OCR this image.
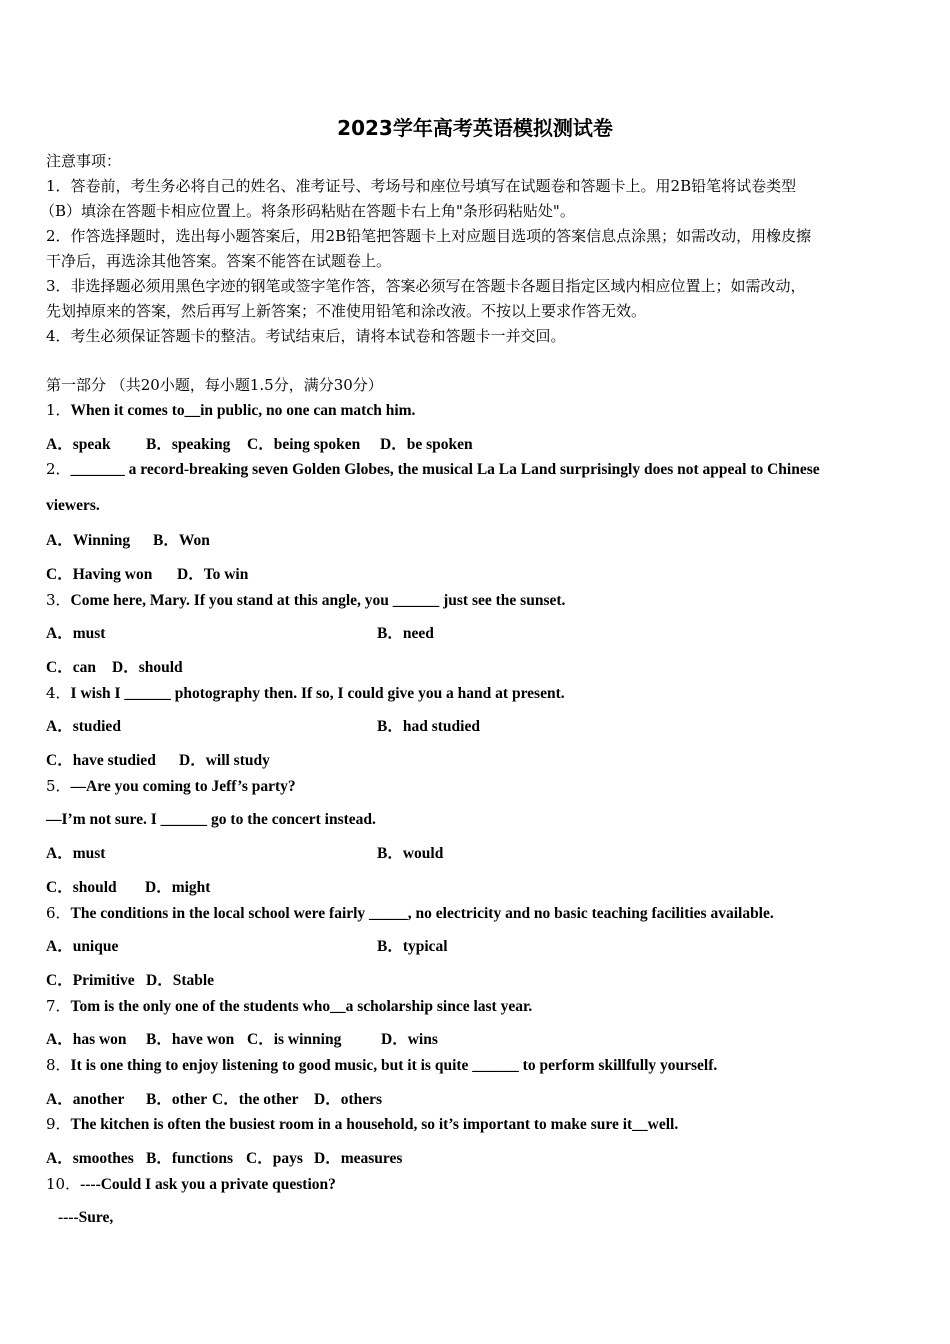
2023学年高考英语模拟测试卷
注意事项：
1．答卷前，考生务必将自己的姓名、准考证号、考场号和座位号填写在试题卷和答题卡上。用2B铅笔将试卷类型
（B）填涂在答题卡相应位置上。将条形码粘贴在答题卡右上角"条形码粘贴处"。
2．作答选择题时，选出每小题答案后，用2B铅笔把答题卡上对应题目选项的答案信息点涂黑；如需改动，用橡皮擦
干净后，再选涂其他答案。答案不能答在试题卷上。
3．非选择题必须用黑色字迹的钢笔或签字笔作答，答案必须写在答题卡各题目指定区域内相应位置上；如需改动，
先划掉原来的答案，然后再写上新答案；不准使用铅笔和涂改液。不按以上要求作答无效。
4．考生必须保证答题卡的整洁。考试结束后，请将本试卷和答题卡一并交回。
第一部分 （共20小题，每小题1.5分，满分30分）
1．When it comes to__in public, no one can match him.
A．speak B．speaking C．being spoken D．be spoken
2．_______ a record-breaking seven Golden Globes, the musical La La Land surprisingly does not appeal to Chinese
viewers.
A．Winning B．Won
C．Having won D．To win
3．Come here, Mary. If you stand at this angle, you ______ just see the sunset.
A．must	B．need
C．can D．should
4．I wish I ______ photography then. If so, I could give you a hand at present.
A．studied	B．had studied
C．have studied D．will study
5．—Are you coming to Jeff’s party?
—I’m not sure. I ______ go to the concert instead.
A．must	B．would
C．should D．might
6．The conditions in the local school were fairly _____, no electricity and no basic teaching facilities available.
A．unique	B．typical
C．Primitive D．Stable
7．Tom is the only one of the students who__a scholarship since last year.
A．has won B．have won C．is winning	D．wins
8．It is one thing to enjoy listening to good music, but it is quite ______ to perform skillfully yourself.
A．another B．other C．the other D．others
9．The kitchen is often the busiest room in a household, so it’s important to make sure it__well.
A．smoothes B．functions C．pays D．measures
10．----Could I ask you a private question?
----Sure,
